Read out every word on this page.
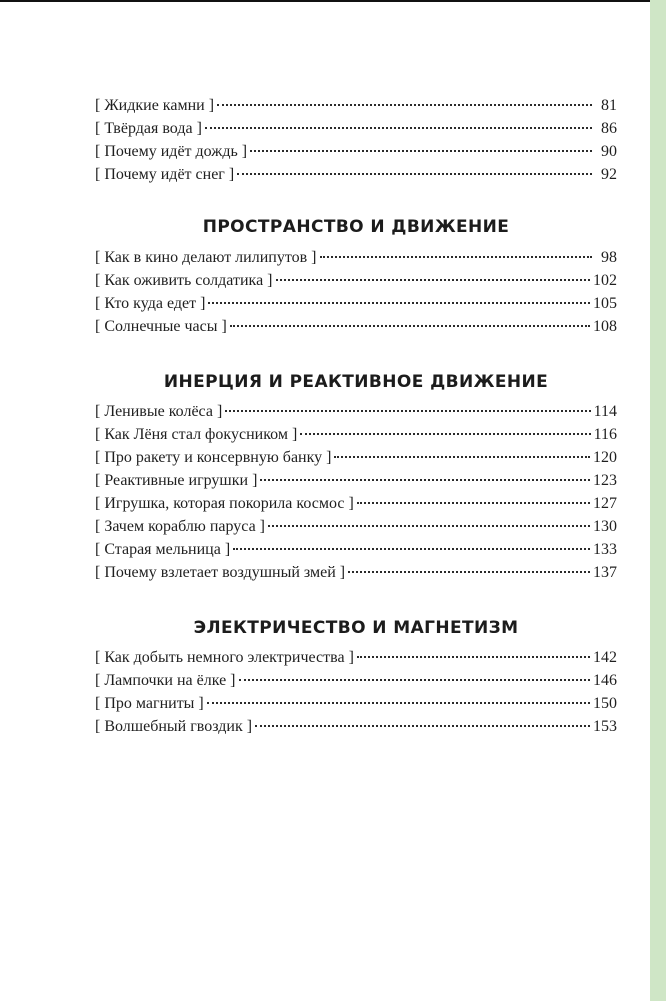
[ Жидкие камни ]	81
[ Твёрдая вода ]	86
[ Почему идёт дождь ]	90
[ Почему идёт снег ]	92
ПРОСТРАНСТВО И ДВИЖЕНИЕ
[ Как в кино делают лилипутов ]	98
[ Как оживить солдатика ]	102
[ Кто куда едет ]	105
[ Солнечные часы ]	108
ИНЕРЦИЯ И РЕАКТИВНОЕ ДВИЖЕНИЕ
[ Ленивые колёса ]	114
[ Как Лёня стал фокусником ]	116
[ Про ракету и консервную банку ]	120
[ Реактивные игрушки ]	123
[ Игрушка, которая покорила космос ]	127
[ Зачем кораблю паруса ]	130
[ Старая мельница ]	133
[ Почему взлетает воздушный змей ]	137
ЭЛЕКТРИЧЕСТВО И МАГНЕТИЗМ
[ Как добыть немного электричества ]	142
[ Лампочки на ёлке ]	146
[ Про магниты ]	150
[ Волшебный гвоздик ]	153
